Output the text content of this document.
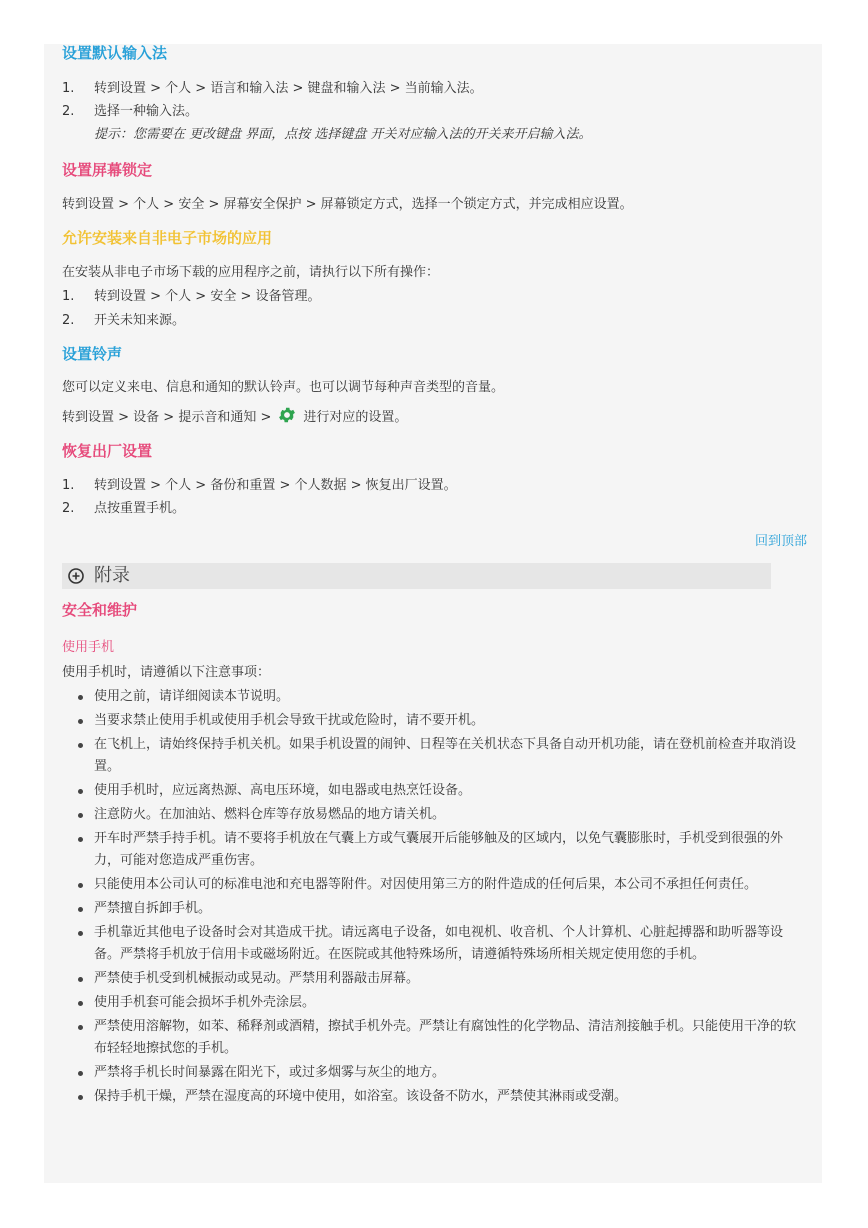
设置默认输入法
1. 转到设置 > 个人 > 语言和输入法 > 键盘和输入法 > 当前输入法。
2. 选择一种输入法。
提示：您需要在 更改键盘 界面，点按 选择键盘 开关对应输入法的开关来开启输入法。
设置屏幕锁定
转到设置 > 个人 > 安全 > 屏幕安全保护 > 屏幕锁定方式，选择一个锁定方式，并完成相应设置。
允许安装来自非电子市场的应用
在安装从非电子市场下载的应用程序之前，请执行以下所有操作：
1. 转到设置 > 个人 > 安全 > 设备管理。
2. 开关未知来源。
设置铃声
您可以定义来电、信息和通知的默认铃声。也可以调节每种声音类型的音量。
转到设置 > 设备 > 提示音和通知 > 进行对应的设置。
恢复出厂设置
1. 转到设置 > 个人 > 备份和重置 > 个人数据 > 恢复出厂设置。
2. 点按重置手机。
回到顶部
附录
安全和维护
使用手机
使用手机时，请遵循以下注意事项：
使用之前，请详细阅读本节说明。
当要求禁止使用手机或使用手机会导致干扰或危险时，请不要开机。
在飞机上，请始终保持手机关机。如果手机设置的闹钟、日程等在关机状态下具备自动开机功能，请在登机前检查并取消设置。
使用手机时，应远离热源、高电压环境，如电器或电热烹饪设备。
注意防火。在加油站、燃料仓库等存放易燃品的地方请关机。
开车时严禁手持手机。请不要将手机放在气囊上方或气囊展开后能够触及的区域内，以免气囊膨胀时，手机受到很强的外力，可能对您造成严重伤害。
只能使用本公司认可的标准电池和充电器等附件。对因使用第三方的附件造成的任何后果，本公司不承担任何责任。
严禁擅自拆卸手机。
手机靠近其他电子设备时会对其造成干扰。请远离电子设备，如电视机、收音机、个人计算机、心脏起搏器和助听器等设备。严禁将手机放于信用卡或磁场附近。在医院或其他特殊场所，请遵循特殊场所相关规定使用您的手机。
严禁使手机受到机械振动或晃动。严禁用利器敲击屏幕。
使用手机套可能会损坏手机外壳涂层。
严禁使用溶解物，如苯、稀释剂或酒精，擦拭手机外壳。严禁让有腐蚀性的化学物品、清洁剂接触手机。只能使用干净的软布轻轻地擦拭您的手机。
严禁将手机长时间暴露在阳光下，或过多烟雾与灰尘的地方。
保持手机干燥，严禁在湿度高的环境中使用，如浴室。该设备不防水，严禁使其淋雨或受潮。
